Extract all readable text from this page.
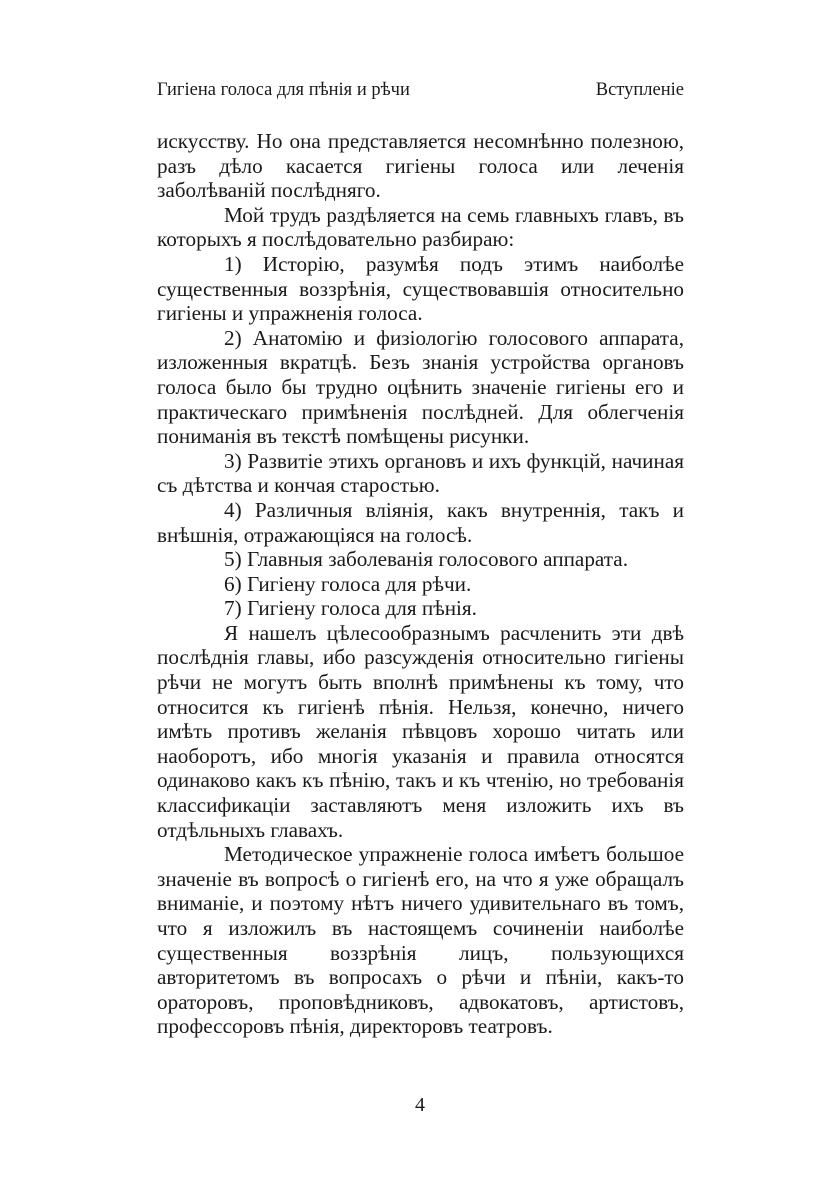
Гигiена голоса для пѣнія и рѣчи	Вступленіе

искусству. Но она представляется несомнѣнно полезною, разъ дѣло касается гигіены голоса или леченія заболѣваній послѣдняго.

Мой трудъ раздѣляется на семь главныхъ главъ, въ которыхъ я послѣдовательно разбираю:

1) Исторію, разумѣя подъ этимъ наиболѣе существенныя воззрѣнія, существовавшія относительно гигіены и упражненія голоса.

2) Анатомію и физіологію голосового аппарата, изложенныя вкратцѣ. Безъ знанія устройства органовъ голоса было бы трудно оцѣнить значеніе гигіены его и практическаго примѣненія послѣдней. Для облегченія пониманія въ текстѣ помѣщены рисунки.

3) Развитіе этихъ органовъ и ихъ функцій, начиная съ дѣтства и кончая старостью.

4) Различныя вліянія, какъ внутреннія, такъ и внѣшнія, отражающіяся на голосѣ.

5) Главныя заболеванія голосового аппарата.

6) Гигіену голоса для рѣчи.

7) Гигіену голоса для пѣнія.

Я нашелъ цѣлесообразнымъ расчленить эти двѣ послѣднія главы, ибо разсужденія относительно гигіены рѣчи не могутъ быть вполнѣ примѣнены къ тому, что относится къ гигіенѣ пѣнія. Нельзя, конечно, ничего имѣть противъ желанія пѣвцовъ хорошо читать или наоборотъ, ибо многія указанія и правила относятся одинаково какъ къ пѣнію, такъ и къ чтенію, но требованія классификаціи заставляютъ меня изложить ихъ въ отдѣльныхъ главахъ.

Методическое упражненіе голоса имѣетъ большое значеніе въ вопросѣ о гигіенѣ его, на что я уже обращалъ вниманіе, и поэтому нѣтъ ничего удивительнаго въ томъ, что я изложилъ въ настоящемъ сочиненіи наиболѣе существенныя воззрѣнія лицъ, пользующихся авторитетомъ въ вопросахъ о рѣчи и пѣніи, какъ-то ораторовъ, проповѣдниковъ, адвокатовъ, артистовъ, профессоровъ пѣнія, директоровъ театровъ.

4
